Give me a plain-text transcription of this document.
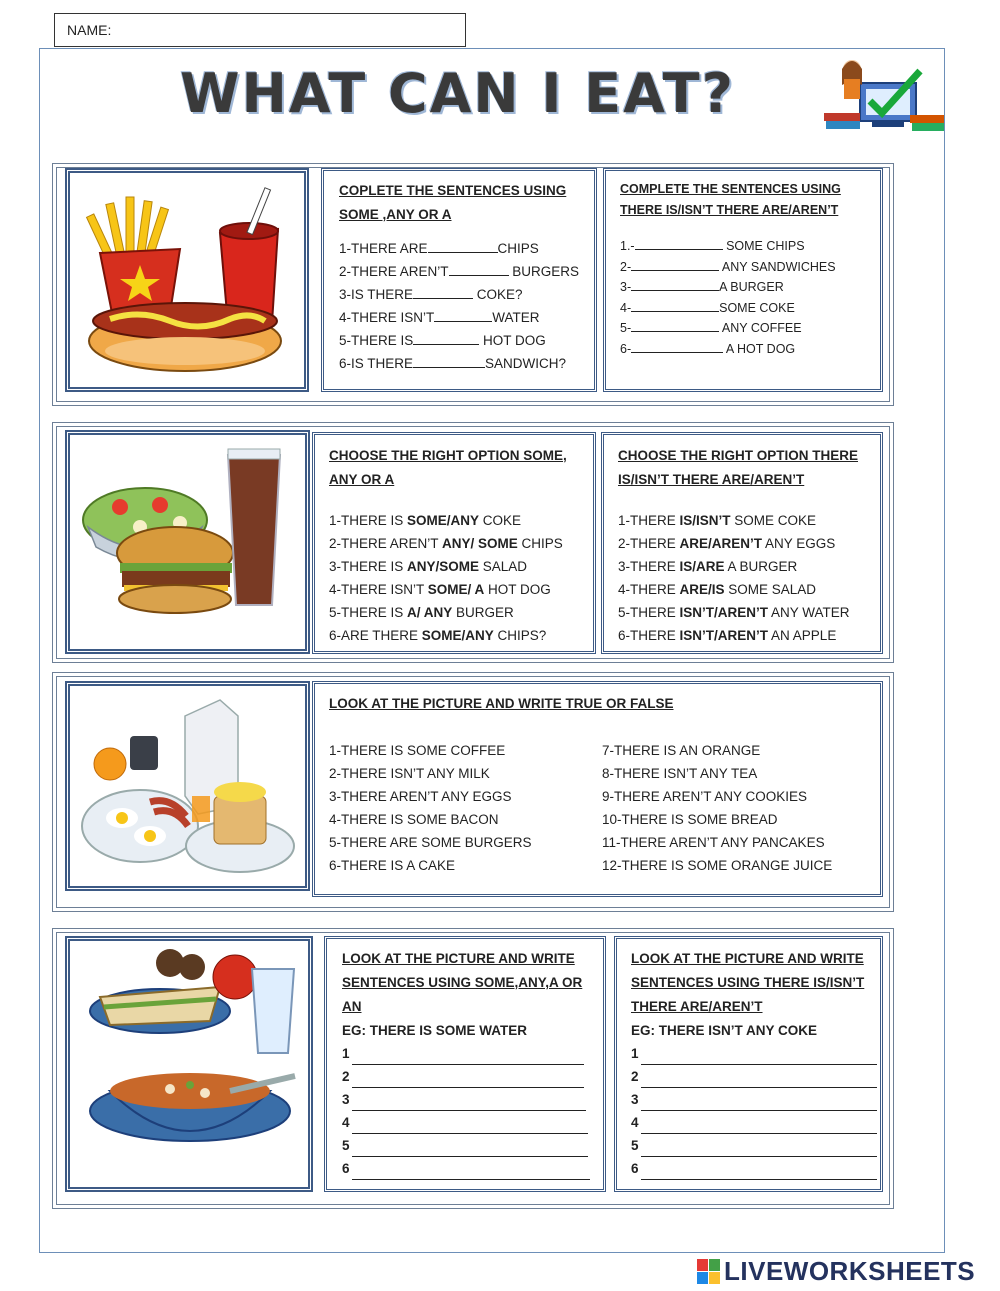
NAME:
WHAT CAN I EAT?
COPLETE THE SENTENCES USING
SOME ,ANY OR A
1-THERE ARE	CHIPS
2-THERE AREN’T	BURGERS
3-IS THERE	COKE?
4-THERE ISN’T	WATER
5-THERE IS	HOT DOG
6-IS THERE	SANDWICH?
COMPLETE THE SENTENCES USING
THERE IS/ISN’T THERE ARE/AREN’T
1.-	SOME CHIPS
2-	ANY SANDWICHES
3-	A BURGER
4-	SOME COKE
5-	ANY COFFEE
6-	A HOT DOG
CHOOSE THE RIGHT OPTION SOME,
ANY OR A
1-THERE IS SOME/ANY COKE
2-THERE AREN’T ANY/ SOME CHIPS
3-THERE IS ANY/SOME SALAD
4-THERE ISN’T SOME/ A HOT DOG
5-THERE IS A/ ANY BURGER
6-ARE THERE SOME/ANY CHIPS?
CHOOSE THE RIGHT OPTION THERE
IS/ISN’T THERE ARE/AREN’T
1-THERE IS/ISN’T SOME COKE
2-THERE ARE/AREN’T ANY EGGS
3-THERE IS/ARE A BURGER
4-THERE ARE/IS SOME SALAD
5-THERE ISN’T/AREN’T ANY WATER
6-THERE ISN’T/AREN’T AN APPLE
LOOK AT THE PICTURE AND WRITE TRUE OR FALSE
1-THERE IS SOME COFFEE
2-THERE ISN’T ANY MILK
3-THERE AREN’T ANY EGGS
4-THERE IS SOME BACON
5-THERE ARE SOME BURGERS
6-THERE IS A CAKE
7-THERE IS AN ORANGE
8-THERE ISN’T ANY TEA
9-THERE AREN’T ANY COOKIES
10-THERE IS SOME BREAD
11-THERE AREN’T ANY PANCAKES
12-THERE IS SOME ORANGE JUICE
LOOK AT THE PICTURE AND WRITE
SENTENCES USING SOME,ANY,A OR
AN
EG: THERE IS SOME WATER
1
2
3
4
5
6
LOOK AT THE PICTURE AND WRITE
SENTENCES USING THERE IS/ISN’T
THERE ARE/AREN’T
EG: THERE ISN’T ANY COKE
1
2
3
4
5
6
LIVEWORKSHEETS
